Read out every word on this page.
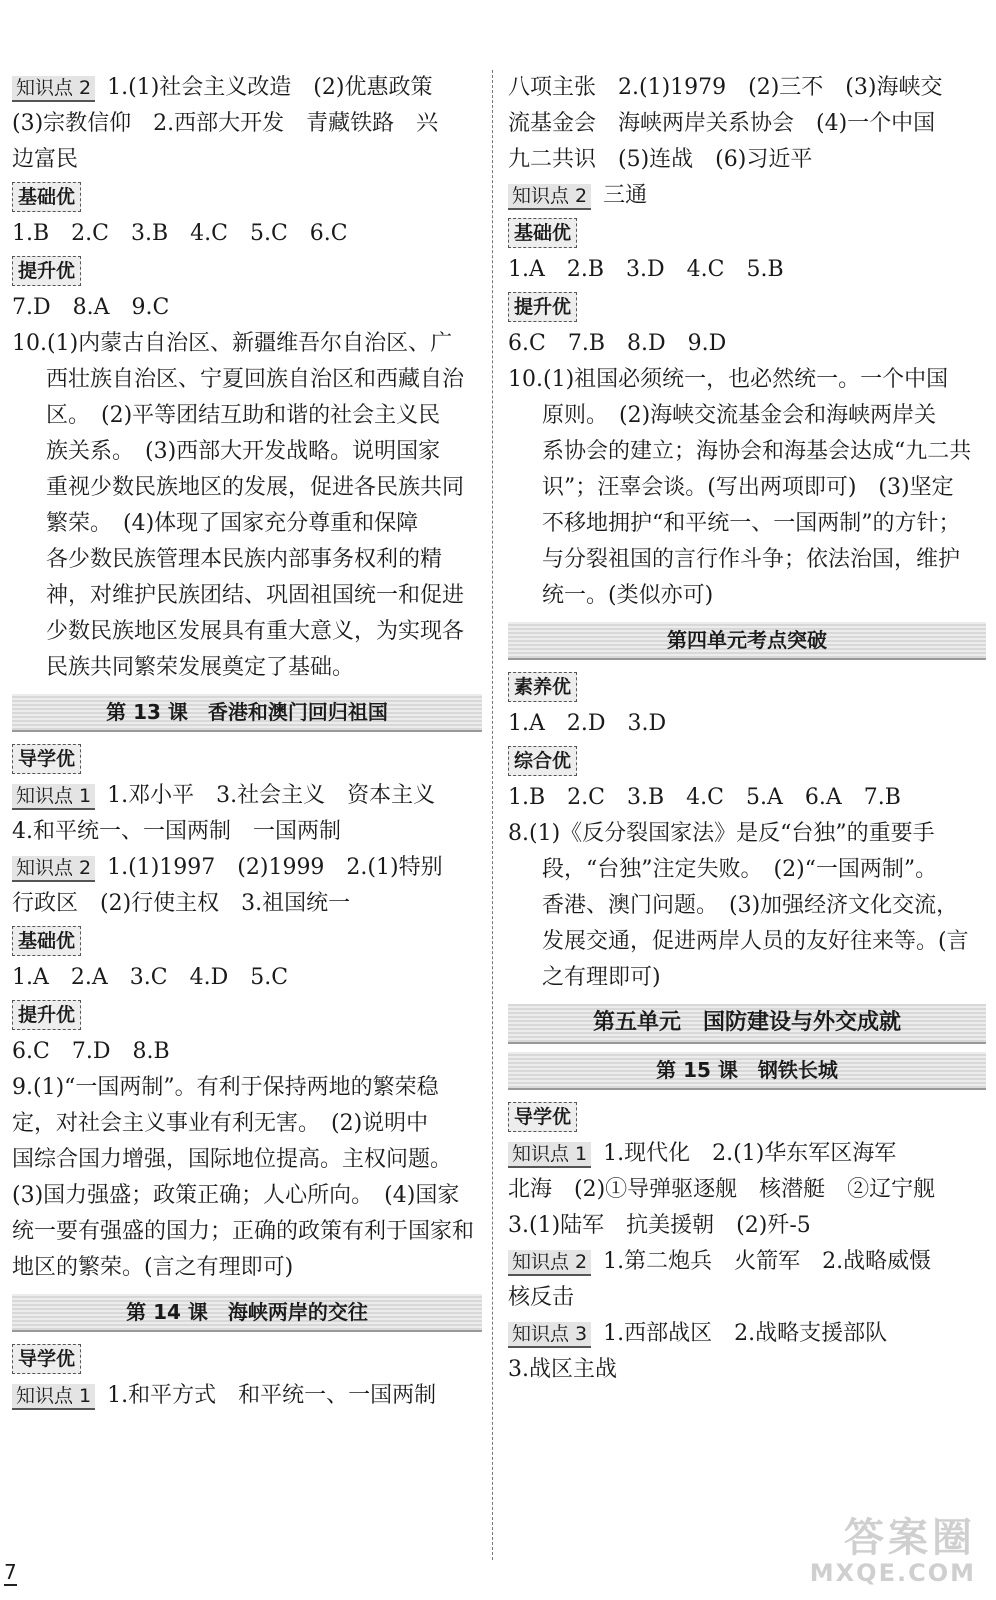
知识点 2 1.(1)社会主义改造　(2)优惠政策
(3)宗教信仰　2.西部大开发　青藏铁路　兴
边富民
基础优
1.B　2.C　3.B　4.C　5.C　6.C
提升优
7.D　8.A　9.C
10.(1)内蒙古自治区、新疆维吾尔自治区、广
西壮族自治区、宁夏回族自治区和西藏自治
区。　(2)平等团结互助和谐的社会主义民
族关系。　(3)西部大开发战略。说明国家
重视少数民族地区的发展，促进各民族共同
繁荣。　(4)体现了国家充分尊重和保障
各少数民族管理本民族内部事务权利的精
神，对维护民族团结、巩固祖国统一和促进
少数民族地区发展具有重大意义，为实现各
民族共同繁荣发展奠定了基础。
第 13 课　香港和澳门回归祖国
导学优
知识点 1 1.邓小平　3.社会主义　资本主义
4.和平统一、一国两制　一国两制
知识点 2 1.(1)1997　(2)1999　2.(1)特别
行政区　(2)行使主权　3.祖国统一
基础优
1.A　2.A　3.C　4.D　5.C
提升优
6.C　7.D　8.B
9.(1)“一国两制”。有利于保持两地的繁荣稳
定，对社会主义事业有利无害。　(2)说明中
国综合国力增强，国际地位提高。主权问题。
(3)国力强盛；政策正确；人心所向。　(4)国家
统一要有强盛的国力；正确的政策有利于国家和
地区的繁荣。(言之有理即可)
第 14 课　海峡两岸的交往
导学优
知识点 1 1.和平方式　和平统一、一国两制
八项主张　2.(1)1979　(2)三不　(3)海峡交
流基金会　海峡两岸关系协会　(4)一个中国
九二共识　(5)连战　(6)习近平
知识点 2 三通
基础优
1.A　2.B　3.D　4.C　5.B
提升优
6.C　7.B　8.D　9.D
10.(1)祖国必须统一，也必然统一。一个中国
原则。　(2)海峡交流基金会和海峡两岸关
系协会的建立；海协会和海基会达成“九二共
识”；汪辜会谈。(写出两项即可)　(3)坚定
不移地拥护“和平统一、一国两制”的方针；
与分裂祖国的言行作斗争；依法治国，维护
统一。(类似亦可)
第四单元考点突破
素养优
1.A　2.D　3.D
综合优
1.B　2.C　3.B　4.C　5.A　6.A　7.B
8.(1)《反分裂国家法》是反“台独”的重要手
段，“台独”注定失败。　(2)“一国两制”。
香港、澳门问题。　(3)加强经济文化交流，
发展交通，促进两岸人员的友好往来等。(言
之有理即可)
第五单元　国防建设与外交成就
第 15 课　钢铁长城
导学优
知识点 1 1.现代化　2.(1)华东军区海军
北海　(2)①导弹驱逐舰　核潜艇　②辽宁舰
3.(1)陆军　抗美援朝　(2)歼-5
知识点 2 1.第二炮兵　火箭军　2.战略威慑
核反击
知识点 3 1.西部战区　2.战略支援部队
3.战区主战
7
答案圈
MXQE.COM
